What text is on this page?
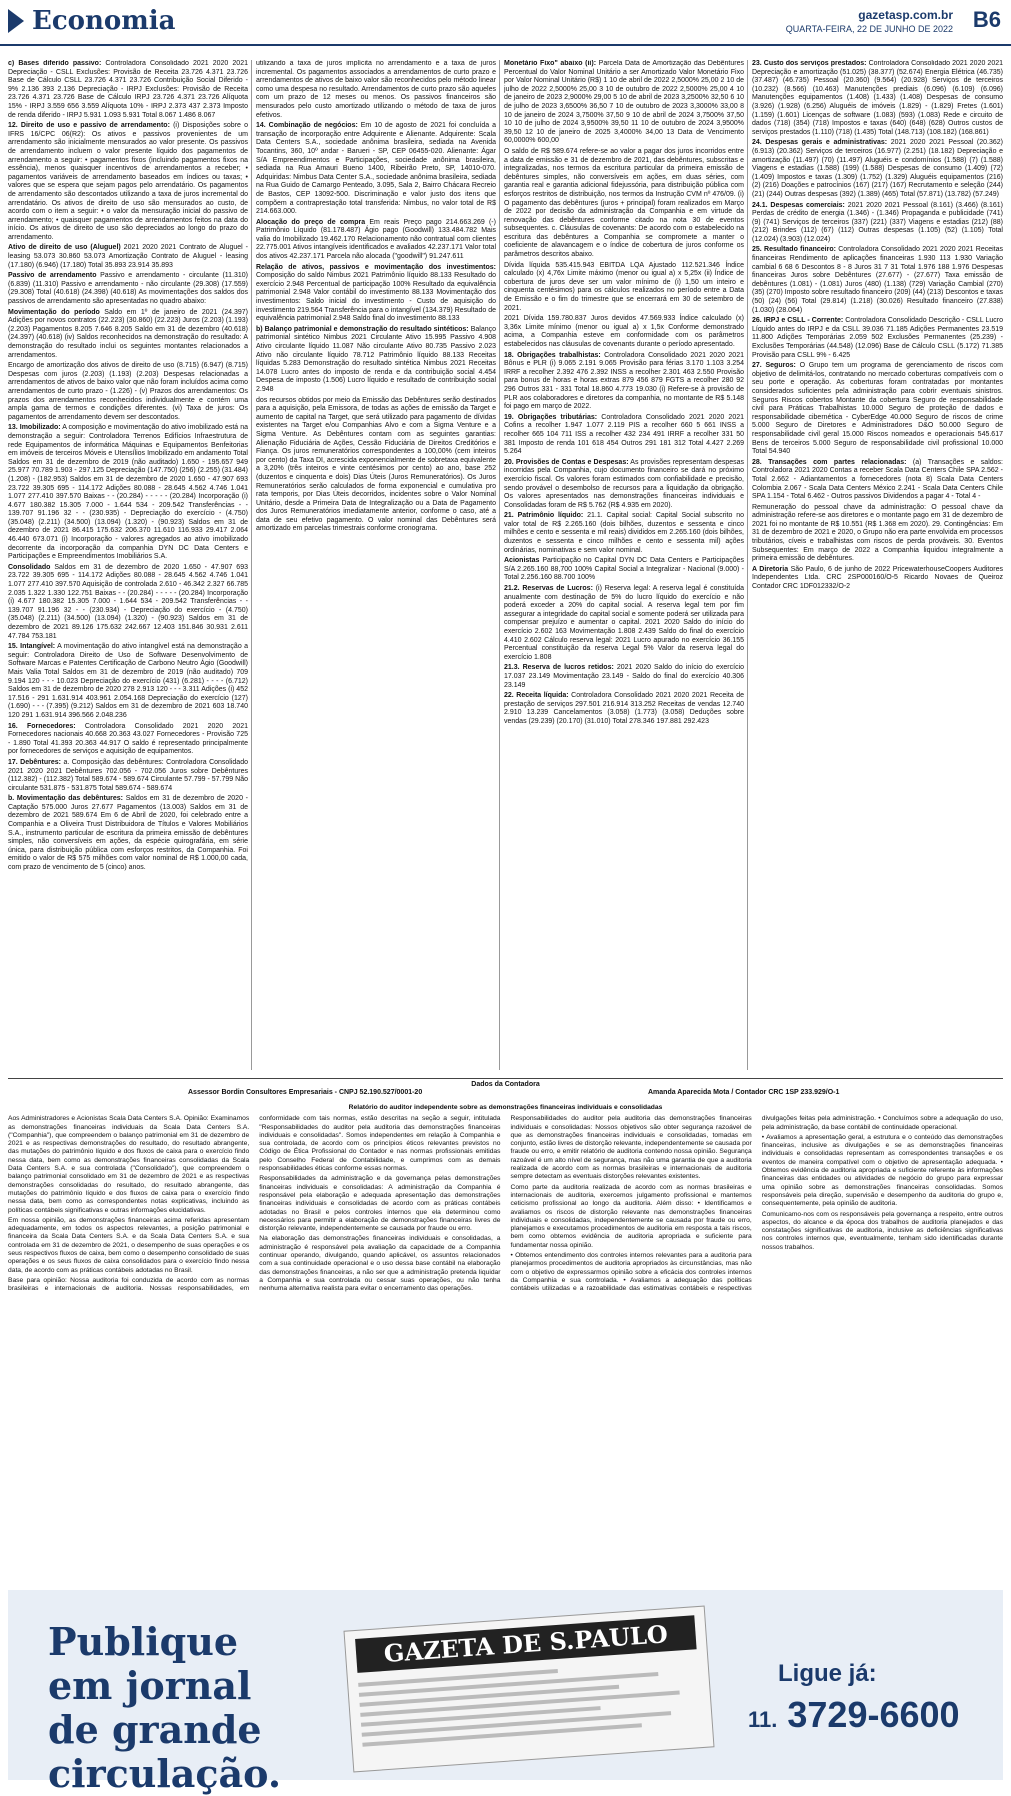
Economia	gazetasp.com.br
QUARTA-FEIRA, 22 DE JUNHO DE 2022 B6

c) Bases diferido passivo: Controladora Consolidado 2021 2020 2021 Depreciação - CSLL Exclusões: Provisão de Receita 23.726 4.371 23.726 Base de Cálculo CSLL 23.726 4.371 23.726 Contribuição Social Diferido - 9% 2.136 393 2.136 Depreciação - IRPJ Exclusões: Provisão de Receita 23.726 4.371 23.726 Base de Cálculo IRPJ 23.726 4.371 23.726 Alíquota 15% - IRPJ 3.559 656 3.559 Alíquota 10% - IRPJ 2.373 437 2.373 Imposto de renda diferido - IRPJ 5.931 1.093 5.931 Total 8.067 1.486 8.067

12. Direito de uso e passivo de arrendamento: (i) Disposições sobre o IFRS 16/CPC 06(R2): Os ativos e passivos provenientes de um arrendamento são inicialmente mensurados ao valor presente. Os passivos de arrendamento incluem o valor presente líquido dos pagamentos de arrendamento a seguir: • pagamentos fixos (incluindo pagamentos fixos na essência), menos quaisquer incentivos de arrendamentos a receber; • pagamentos variáveis de arrendamento baseados em índices ou taxas; • valores que se espera que sejam pagos pelo arrendatário. Os pagamentos de arrendamento são descontados utilizando a taxa de juros incremental do arrendatário. Os ativos de direito de uso são mensurados ao custo, de acordo com o item a seguir: • o valor da mensuração inicial do passivo de arrendamento; • quaisquer pagamentos de arrendamentos feitos na data do início. Os ativos de direito de uso são depreciados ao longo do prazo do arrendamento.

Ativo de direito de uso (Aluguel) 2021 2020 2021 Contrato de Aluguel - leasing 53.073 30.860 53.073 Amortização Contrato de Aluguel - leasing (17.180) (6.946) (17.180) Total 35.893 23.914 35.893

Passivo de arrendamento Passivo e arrendamento - circulante (11.310) (6.839) (11.310) Passivo e arrendamento - não circulante (29.308) (17.559) (29.308) Total (40.618) (24.398) (40.618) As movimentações dos saldos dos passivos de arrendamento são apresentadas no quadro abaixo:

Movimentação do período Saldo em 1º de janeiro de 2021 (24.397) Adições por novos contratos (22.223) (30.860) (22.223) Juros (2.203) (1.193) (2.203) Pagamentos 8.205 7.646 8.205 Saldo em 31 de dezembro (40.618) (24.397) (40.618) (iv) Saldos reconhecidos na demonstração do resultado: A demonstração do resultado inclui os seguintes montantes relacionados a arrendamentos.

Encargo de amortização dos ativos de direito de uso (8.715) (6.947) (8.715) Despesas com juros (2.203) (1.193) (2.203) Despesas relacionadas a arrendamentos de ativos de baixo valor que não foram incluídos acima como arrendamentos de curto prazo - (1.226) - (v) Prazos dos arrendamentos: Os prazos dos arrendamentos reconhecidos individualmente e contém uma ampla gama de termos e condições diferentes. (vi) Taxa de juros: Os pagamentos de arrendamento devem ser descontados.

13. Imobilizado: A composição e movimentação do ativo imobilizado está na demonstração a seguir: Controladora Terrenos Edifícios Infraestrutura de rede Equipamentos de informática Máquinas e Equipamentos Benfeitorias em imóveis de terceiros Móveis e Utensílios Imobilizado em andamento Total Saldos em 31 de dezembro de 2019 (não auditado) 1.650 - 195.657 949 25.977 70.789 1.903 - 297.125 Depreciação (147.750) (256) (2.255) (31.484) (1.208) - (182.953) Saldos em 31 de dezembro de 2020 1.650 - 47.907 693 23.722 39.305 695 - 114.172 Adições 80.088 - 28.645 4.562 4.746 1.041 1.077 277.410 397.570 Baixas - - (20.284) - - - - - (20.284) Incorporação (i) 4.677 180.382 15.305 7.000 - 1.644 534 - 209.542 Transferências - - 139.707 91.196 32 - - (230.935) - Depreciação do exercício - (4.750) (35.048) (2.211) (34.500) (13.094) (1.320) - (90.923) Saldos em 31 de dezembro de 2021 86.415 175.632 206.370 11.610 116.933 29.417 2.064 46.440 673.071 (i) Incorporação - valores agregados ao ativo imobilizado decorrente da incorporação da companhia DYN DC Data Centers e Participações e Empreendimentos Imobiliários S.A.

Consolidado Saldos em 31 de dezembro de 2020 1.650 - 47.907 693 23.722 39.305 695 - 114.172 Adições 80.088 - 28.645 4.562 4.746 1.041 1.077 277.410 397.570 Aquisição de controlada 2.610 - 46.342 2.327 66.785 2.035 1.322 1.330 122.751 Baixas - - (20.284) - - - - - (20.284) Incorporação (i) 4.677 180.382 15.305 7.000 - 1.644 534 - 209.542 Transferências - - 139.707 91.196 32 - - (230.934) - Depreciação do exercício - (4.750) (35.048) (2.211) (34.500) (13.094) (1.320) - (90.923) Saldos em 31 de dezembro de 2021 89.126 175.632 242.667 12.403 151.846 30.931 2.611 47.784 753.181

15. Intangível: A movimentação do ativo intangível está na demonstração a seguir: Controladora Direito de Uso de Software Desenvolvimento de Software Marcas e Patentes Certificação de Carbono Neutro Ágio (Goodwill) Mais Valia Total Saldos em 31 de dezembro de 2019 (não auditado) 709 9.194 120 - - - 10.023 Depreciação do exercício (431) (6.281) - - - - (6.712) Saldos em 31 de dezembro de 2020 278 2.913 120 - - - 3.311 Adições (i) 452 17.516 - 291 1.631.914 403.961 2.054.168 Depreciação do exercício (127) (1.690) - - - (7.395) (9.212) Saldos em 31 de dezembro de 2021 603 18.740 120 291 1.631.914 396.566 2.048.236

16. Fornecedores: Controladora Consolidado 2021 2020 2021 Fornecedores nacionais 40.668 20.363 43.027 Fornecedores - Provisão 725 - 1.890 Total 41.393 20.363 44.917 O saldo é representado principalmente por fornecedores de serviços e aquisição de equipamentos.

17. Debêntures: a. Composição das debêntures: Controladora Consolidado 2021 2020 2021 Debêntures 702.056 - 702.056 Juros sobre Debêntures (112.382) - (112.382) Total 589.674 - 589.674 Circulante 57.799 - 57.799 Não circulante 531.875 - 531.875 Total 589.674 - 589.674

b. Movimentação das debêntures: Saldos em 31 de dezembro de 2020 - Captação 575.000 Juros 27.677 Pagamentos (13.003) Saldos em 31 de dezembro de 2021 589.674 Em 6 de Abril de 2020, foi celebrado entre a Companhia e a Oliveira Trust Distribuidora de Títulos e Valores Mobiliários S.A., instrumento particular de escritura da primeira emissão de debêntures simples, não conversíveis em ações, da espécie quirografária, em série única, para distribuição pública com esforços restritos, da Companhia. Foi emitido o valor de R$ 575 milhões com valor nominal de R$ 1.000,00 cada, com prazo de vencimento de 5 (cinco) anos.

utilizando a taxa de juros implícita no arrendamento e a taxa de juros incremental. Os pagamentos associados a arrendamentos de curto prazo e arrendamentos de ativos de baixo valor são reconhecidos pelo método linear como uma despesa no resultado. Arrendamentos de curto prazo são aqueles com um prazo de 12 meses ou menos. Os passivos financeiros são mensurados pelo custo amortizado utilizando o método de taxa de juros efetivos.

14. Combinação de negócios: Em 10 de agosto de 2021 foi concluída a transação de incorporação entre Adquirente e Alienante. Adquirente: Scala Data Centers S.A., sociedade anônima brasileira, sediada na Avenida Tocantins, 360, 10º andar - Barueri - SP, CEP 06455-020. Alienante: Ágar S/A Empreendimentos e Participações, sociedade anônima brasileira, sediada na Rua Amauri Bueno 1400, Ribeirão Preto, SP, 14010-070. Adquiridas: Nimbus Data Center S.A., sociedade anônima brasileira, sediada na Rua Guido de Camargo Penteado, 3.095, Sala 2, Bairro Chácara Recreio de Bastos, CEP 13092-500. Discriminação e valor justo dos itens que compõem a contraprestação total transferida: Nimbus, no valor total de R$ 214.663.000.

Alocação do preço de compra Em reais Preço pago 214.663.269 (-) Patrimônio Líquido (81.178.487) Ágio pago (Goodwill) 133.484.782 Mais valia do Imobilizado 19.462.170 Relacionamento não contratual com clientes 22.775.001 Ativos intangíveis identificados e avaliados 42.237.171 Valor total dos ativos 42.237.171 Parcela não alocada ("goodwill") 91.247.611

Relação de ativos, passivos e movimentação dos investimentos: Composição do saldo Nimbus 2021 Patrimônio líquido 88.133 Resultado do exercício 2.948 Percentual de participação 100% Resultado da equivalência patrimonial 2.948 Valor contábil do investimento 88.133 Movimentação dos investimentos: Saldo inicial do investimento - Custo de aquisição do investimento 219.564 Transferência para o intangível (134.379) Resultado de equivalência patrimonial 2.948 Saldo final do investimento 88.133

b) Balanço patrimonial e demonstração do resultado sintéticos: Balanço patrimonial sintético Nimbus 2021 Circulante Ativo 15.995 Passivo 4.908 Ativo circulante líquido 11.087 Não circulante Ativo 80.735 Passivo 2.023 Ativo não circulante líquido 78.712 Patrimônio líquido 88.133 Receitas líquidas 5.283 Demonstração do resultado sintética Nimbus 2021 Receitas 14.078 Lucro antes do imposto de renda e da contribuição social 4.454 Despesa de imposto (1.506) Lucro líquido e resultado de contribuição social 2.948

dos recursos obtidos por meio da Emissão das Debêntures serão destinados para a aquisição, pela Emissora, de todas as ações de emissão da Target e aumento de capital na Target, que será utilizado para pagamento de dívidas existentes na Target e/ou Companhias Alvo e com a Sigma Venture e a Sigma Venture. As Debêntures contam com as seguintes garantias: Alienação Fiduciária de Ações, Cessão Fiduciária de Direitos Creditórios e Fiança. Os juros remuneratórios correspondentes a 100,00% (cem inteiros por cento) da Taxa DI, acrescida exponencialmente de sobretaxa equivalente a 3,20% (três inteiros e vinte centésimos por cento) ao ano, base 252 (duzentos e cinquenta e dois) Dias Úteis (Juros Remuneratórios). Os Juros Remuneratórios serão calculados de forma exponencial e cumulativa pro rata temporis, por Dias Úteis decorridos, incidentes sobre o Valor Nominal Unitário, desde a Primeira Data de Integralização ou a Data de Pagamento dos Juros Remuneratórios imediatamente anterior, conforme o caso, até a data de seu efetivo pagamento. O valor nominal das Debêntures será amortizado em parcelas trimestrais conforme cronograma.

Monetário Fixo" abaixo (ii): Parcela Data de Amortização das Debêntures Percentual do Valor Nominal Unitário a ser Amortizado Valor Monetário Fixo por Valor Nominal Unitário (R$) 1 10 de abril de 2022 2,5000% 25,00 2 10 de julho de 2022 2,5000% 25,00 3 10 de outubro de 2022 2,5000% 25,00 4 10 de janeiro de 2023 2,9000% 29,00 5 10 de abril de 2023 3,2500% 32,50 6 10 de julho de 2023 3,6500% 36,50 7 10 de outubro de 2023 3,3000% 33,00 8 10 de janeiro de 2024 3,7500% 37,50 9 10 de abril de 2024 3,7500% 37,50 10 10 de julho de 2024 3,9500% 39,50 11 10 de outubro de 2024 3,9500% 39,50 12 10 de janeiro de 2025 3,4000% 34,00 13 Data de Vencimento 60,0000% 600,00

O saldo de R$ 589.674 refere-se ao valor a pagar dos juros incorridos entre a data de emissão e 31 de dezembro de 2021, das debêntures, subscritas e integralizadas, nos termos da escritura particular da primeira emissão de debêntures simples, não conversíveis em ações, em duas séries, com garantia real e garantia adicional fidejussória, para distribuição pública com esforços restritos de distribuição, nos termos da Instrução CVM nº 476/09. (i) O pagamento das debêntures (juros + principal) foram realizados em Março de 2022 por decisão da administração da Companhia e em virtude da renovação das debêntures conforme citado na nota 30 de eventos subsequentes. c. Cláusulas de covenants: De acordo com o estabelecido na escritura das debêntures a Companhia se compromete a manter o coeficiente de alavancagem e o índice de cobertura de juros conforme os parâmetros descritos abaixo.

Dívida líquida 535.415.943 EBITDA LQA Ajustado 112.521.346 Índice calculado (x) 4,76x Limite máximo (menor ou igual a) x 5,25x (ii) Índice de cobertura de juros deve ser um valor mínimo de (i) 1,50 um inteiro e cinquenta centésimos) para os cálculos realizados no período entre a Data de Emissão e o fim do trimestre que se encerrará em 30 de setembro de 2021.

2021 Dívida 159.780.837 Juros devidos 47.569.933 Índice calculado (x) 3,36x Limite mínimo (menor ou igual a) x 1,5x Conforme demonstrado acima, a Companhia esteve em conformidade com os parâmetros estabelecidos nas cláusulas de covenants durante o período apresentado.

18. Obrigações trabalhistas: Controladora Consolidado 2021 2020 2021 Bônus e PLR (i) 9.065 2.191 9.065 Provisão para férias 3.170 1.103 3.254 IRRF a recolher 2.392 476 2.392 INSS a recolher 2.301 463 2.550 Provisão para bonus de horas e horas extras 879 456 879 FGTS a recolher 280 92 296 Outros 331 - 331 Total 18.860 4.773 19.030 (i) Refere-se à provisão de PLR aos colaboradores e diretores da companhia, no montante de R$ 5.148 foi pago em março de 2022.

19. Obrigações tributárias: Controladora Consolidado 2021 2020 2021 Cofins a recolher 1.947 1.077 2.119 PIS a recolher 660 5 661 INSS a recolher 665 104 711 ISS a recolher 432 234 491 IRRF a recolher 331 50 381 Imposto de renda 101 618 454 Outros 291 181 312 Total 4.427 2.269 5.264

20. Provisões de Contas e Despesas: As provisões representam despesas incorridas pela Companhia, cujo documento financeiro se dará no próximo exercício fiscal. Os valores foram estimados com confiabilidade e precisão, sendo provável o desembolso de recursos para a liquidação da obrigação. Os valores apresentados nas demonstrações financeiras individuais e Consolidadas foram de R$ 5.762 (R$ 4.935 em 2020).

21. Patrimônio líquido: 21.1. Capital social: Capital Social subscrito no valor total de R$ 2.265.160 (dois bilhões, duzentos e sessenta e cinco milhões e cento e sessenta e mil reais) divididos em 2.265.160 (dois bilhões, duzentos e sessenta e cinco milhões e cento e sessenta mil) ações ordinárias, nominativas e sem valor nominal.

Acionistas Participação no Capital DYN DC Data Centers e Participações S/A 2.265.160 88,700 100% Capital Social a Integralizar - Nacional (9.000) - Total 2.256.160 88.700 100%

21.2. Reservas de Lucros: (i) Reserva legal: A reserva legal é constituída anualmente com destinação de 5% do lucro líquido do exercício e não poderá exceder a 20% do capital social. A reserva legal tem por fim assegurar a integridade do capital social e somente poderá ser utilizada para compensar prejuízo e aumentar o capital. 2021 2020 Saldo do início do exercício 2.602 163 Movimentação 1.808 2.439 Saldo do final do exercício 4.410 2.602 Cálculo reserva legal: 2021 Lucro apurado no exercício 36.155 Percentual constituição da reserva Legal 5% Valor da reserva legal do exercício 1.808

21.3. Reserva de lucros retidos: 2021 2020 Saldo do início do exercício 17.037 23.149 Movimentação 23.149 - Saldo do final do exercício 40.306 23.149

22. Receita líquida: Controladora Consolidado 2021 2020 2021 Receita de prestação de serviços 297.501 216.914 313.252 Receitas de vendas 12.740 2.910 13.239 Cancelamentos (3.058) (1.773) (3.058) Deduções sobre vendas (29.239) (20.170) (31.010) Total 278.346 197.881 292.423

23. Custo dos serviços prestados: Controladora Consolidado 2021 2020 2021 Depreciação e amortização (51.025) (38.377) (52.674) Energia Elétrica (46.735) (37.487) (46.735) Pessoal (20.360) (9.564) (20.928) Serviços de terceiros (10.232) (8.566) (10.463) Manutenções prediais (6.096) (6.109) (6.096) Manutenções equipamentos (1.408) (1.433) (1.408) Despesas de consumo (3.926) (1.928) (6.256) Aluguéis de imóveis (1.829) - (1.829) Fretes (1.601) (1.159) (1.601) Licenças de software (1.083) (593) (1.083) Rede e circuito de dados (718) (354) (718) Impostos e taxas (640) (648) (628) Outros custos de serviços prestados (1.110) (718) (1.435) Total (148.713) (108.182) (168.861)

24. Despesas gerais e administrativas: 2021 2020 2021 Pessoal (20.362) (6.913) (20.362) Serviços de terceiros (16.977) (2.251) (18.182) Depreciação e amortização (11.497) (70) (11.497) Aluguéis e condomínios (1.588) (7) (1.588) Viagens e estadias (1.588) (199) (1.588) Despesas de consumo (1.409) (72) (1.409) Impostos e taxas (1.309) (1.752) (1.329) Aluguéis equipamentos (216) (2) (216) Doações e patrocínios (167) (217) (167) Recrutamento e seleção (244) (21) (244) Outras despesas (392) (1.389) (465) Total (57.871) (13.782) (57.249)

24.1. Despesas comerciais: 2021 2020 2021 Pessoal (8.161) (3.466) (8.161) Perdas de crédito de energia (1.346) - (1.346) Propaganda e publicidade (741) (9) (741) Serviços de terceiros (337) (221) (337) Viagens e estadias (212) (88) (212) Brindes (112) (67) (112) Outras despesas (1.105) (52) (1.105) Total (12.024) (3.903) (12.024)

25. Resultado financeiro: Controladora Consolidado 2021 2020 2021 Receitas financeiras Rendimento de aplicações financeiras 1.930 113 1.930 Variação cambial 6 68 6 Descontos 8 - 8 Juros 31 7 31 Total 1.976 188 1.976 Despesas financeiras Juros sobre Debêntures (27.677) - (27.677) Taxa emissão de debêntures (1.081) - (1.081) Juros (480) (1.138) (729) Variação Cambial (270) (35) (270) Imposto sobre resultado financeiro (209) (44) (213) Descontos e taxas (50) (24) (56) Total (29.814) (1.218) (30.026) Resultado financeiro (27.838) (1.030) (28.064)

26. IRPJ e CSLL - Corrente: Controladora Consolidado Descrição - CSLL Lucro Líquido antes do IRPJ e da CSLL 39.036 71.185 Adições Permanentes 23.519 11.800 Adições Temporárias 2.059 502 Exclusões Permanentes (25.239) - Exclusões Temporárias (44.548) (12.096) Base de Cálculo CSLL (5.172) 71.385 Provisão para CSLL 9% - 6.425

27. Seguros: O Grupo tem um programa de gerenciamento de riscos com objetivo de delimitá-los, contratando no mercado coberturas compatíveis com o seu porte e operação. As coberturas foram contratadas por montantes considerados suficientes pela administração para cobrir eventuais sinistros. Seguros Riscos cobertos Montante da cobertura Seguro de responsabilidade civil para Práticas Trabalhistas 10.000 Seguro de proteção de dados e responsabilidade cibernética - CyberEdge 40.000 Seguro de riscos de crime 5.000 Seguro de Diretores e Administradores D&O 50.000 Seguro de responsabilidade civil geral 15.000 Riscos nomeados e operacionais 545.617 Bens de terceiros 5.000 Seguro de responsabilidade civil profissional 10.000 Total 54.940

28. Transações com partes relacionadas: (a) Transações e saldos: Controladora 2021 2020 Contas a receber Scala Data Centers Chile SPA 2.562 - Total 2.662 - Adiantamentos a fornecedores (nota 8) Scala Data Centers Colombia 2.067 - Scala Data Centers México 2.241 - Scala Data Centers Chile SPA 1.154 - Total 6.462 - Outros passivos Dividendos a pagar 4 - Total 4 -

Remuneração do pessoal chave da administração: O pessoal chave da administração refere-se aos diretores e o montante pago em 31 de dezembro de 2021 foi no montante de R$ 10.551 (R$ 1.368 em 2020). 29. Contingências: Em 31 de dezembro de 2021 e 2020, o Grupo não era parte envolvida em processos tributários, cíveis e trabalhistas com riscos de perda prováveis. 30. Eventos Subsequentes: Em março de 2022 a Companhia liquidou integralmente a primeira emissão de debêntures.

A Diretoria São Paulo, 6 de junho de 2022 PricewaterhouseCoopers Auditores Independentes Ltda. CRC 2SP000160/O-5 Ricardo Novaes de Queiroz Contador CRC 1DF012332/O-2

Dados da Contadora
Assessor Bordin Consultores Empresariais - CNPJ 52.190.527/0001-20	Amanda Aparecida Mota / Contador CRC 1SP 233.929/O-1
Relatório do auditor independente sobre as demonstrações financeiras individuais e consolidadas

Aos Administradores e Acionistas Scala Data Centers S.A. Opinião: Examinamos as demonstrações financeiras individuais da Scala Data Centers S.A. ("Companhia"), que compreendem o balanço patrimonial em 31 de dezembro de 2021 e as respectivas demonstrações do resultado, do resultado abrangente, das mutações do patrimônio líquido e dos fluxos de caixa para o exercício findo nessa data, bem como as demonstrações financeiras consolidadas da Scala Data Centers S.A. e sua controlada ("Consolidado"), que compreendem o balanço patrimonial consolidado em 31 de dezembro de 2021 e as respectivas demonstrações consolidadas do resultado, do resultado abrangente, das mutações do patrimônio líquido e dos fluxos de caixa para o exercício findo nessa data, bem como as correspondentes notas explicativas, incluindo as políticas contábeis significativas e outras informações elucidativas.

Em nossa opinião, as demonstrações financeiras acima referidas apresentam adequadamente, em todos os aspectos relevantes, a posição patrimonial e financeira da Scala Data Centers S.A. e da Scala Data Centers S.A. e sua controlada em 31 de dezembro de 2021, o desempenho de suas operações e os seus respectivos fluxos de caixa, bem como o desempenho consolidado de suas operações e os seus fluxos de caixa consolidados para o exercício findo nessa data, de acordo com as práticas contábeis adotadas no Brasil.

Base para opinião: Nossa auditoria foi conduzida de acordo com as normas brasileiras e internacionais de auditoria. Nossas responsabilidades, em conformidade com tais normas, estão descritas na seção a seguir, intitulada "Responsabilidades do auditor pela auditoria das demonstrações financeiras individuais e consolidadas". Somos independentes em relação à Companhia e sua controlada, de acordo com os princípios éticos relevantes previstos no Código de Ética Profissional do Contador e nas normas profissionais emitidas pelo Conselho Federal de Contabilidade, e cumprimos com as demais responsabilidades éticas conforme essas normas.

Responsabilidades da administração e da governança pelas demonstrações financeiras individuais e consolidadas: A administração da Companhia é responsável pela elaboração e adequada apresentação das demonstrações financeiras individuais e consolidadas de acordo com as práticas contábeis adotadas no Brasil e pelos controles internos que ela determinou como necessários para permitir a elaboração de demonstrações financeiras livres de distorção relevante, independentemente se causada por fraude ou erro.

Na elaboração das demonstrações financeiras individuais e consolidadas, a administração é responsável pela avaliação da capacidade de a Companhia continuar operando, divulgando, quando aplicável, os assuntos relacionados com a sua continuidade operacional e o uso dessa base contábil na elaboração das demonstrações financeiras, a não ser que a administração pretenda liquidar a Companhia e sua controlada ou cessar suas operações, ou não tenha nenhuma alternativa realista para evitar o encerramento das operações.

Responsabilidades do auditor pela auditoria das demonstrações financeiras individuais e consolidadas: Nossos objetivos são obter segurança razoável de que as demonstrações financeiras individuais e consolidadas, tomadas em conjunto, estão livres de distorção relevante, independentemente se causada por fraude ou erro, e emitir relatório de auditoria contendo nossa opinião. Segurança razoável é um alto nível de segurança, mas não uma garantia de que a auditoria realizada de acordo com as normas brasileiras e internacionais de auditoria sempre detectam as eventuais distorções relevantes existentes.

Como parte da auditoria realizada de acordo com as normas brasileiras e internacionais de auditoria, exercemos julgamento profissional e mantemos ceticismo profissional ao longo da auditoria. Além disso: • Identificamos e avaliamos os riscos de distorção relevante nas demonstrações financeiras individuais e consolidadas, independentemente se causada por fraude ou erro, planejamos e executamos procedimentos de auditoria em resposta a tais riscos, bem como obtemos evidência de auditoria apropriada e suficiente para fundamentar nossa opinião.

• Obtemos entendimento dos controles internos relevantes para a auditoria para planejarmos procedimentos de auditoria apropriados às circunstâncias, mas não com o objetivo de expressarmos opinião sobre a eficácia dos controles internos da Companhia e sua controlada. • Avaliamos a adequação das políticas contábeis utilizadas e a razoabilidade das estimativas contábeis e respectivas divulgações feitas pela administração. • Concluímos sobre a adequação do uso, pela administração, da base contábil de continuidade operacional.

• Avaliamos a apresentação geral, a estrutura e o conteúdo das demonstrações financeiras, inclusive as divulgações e se as demonstrações financeiras individuais e consolidadas representam as correspondentes transações e os eventos de maneira compatível com o objetivo de apresentação adequada. • Obtemos evidência de auditoria apropriada e suficiente referente às informações financeiras das entidades ou atividades de negócio do grupo para expressar uma opinião sobre as demonstrações financeiras consolidadas. Somos responsáveis pela direção, supervisão e desempenho da auditoria do grupo e, consequentemente, pela opinião de auditoria.

Comunicamo-nos com os responsáveis pela governança a respeito, entre outros aspectos, do alcance e da época dos trabalhos de auditoria planejados e das constatações significativas de auditoria, inclusive as deficiências significativas nos controles internos que, eventualmente, tenham sido identificadas durante nossos trabalhos.

Publique em jornal de grande circulação.
GAZETA DE S.PAULO
Ligue já:
11. 3729-6600
